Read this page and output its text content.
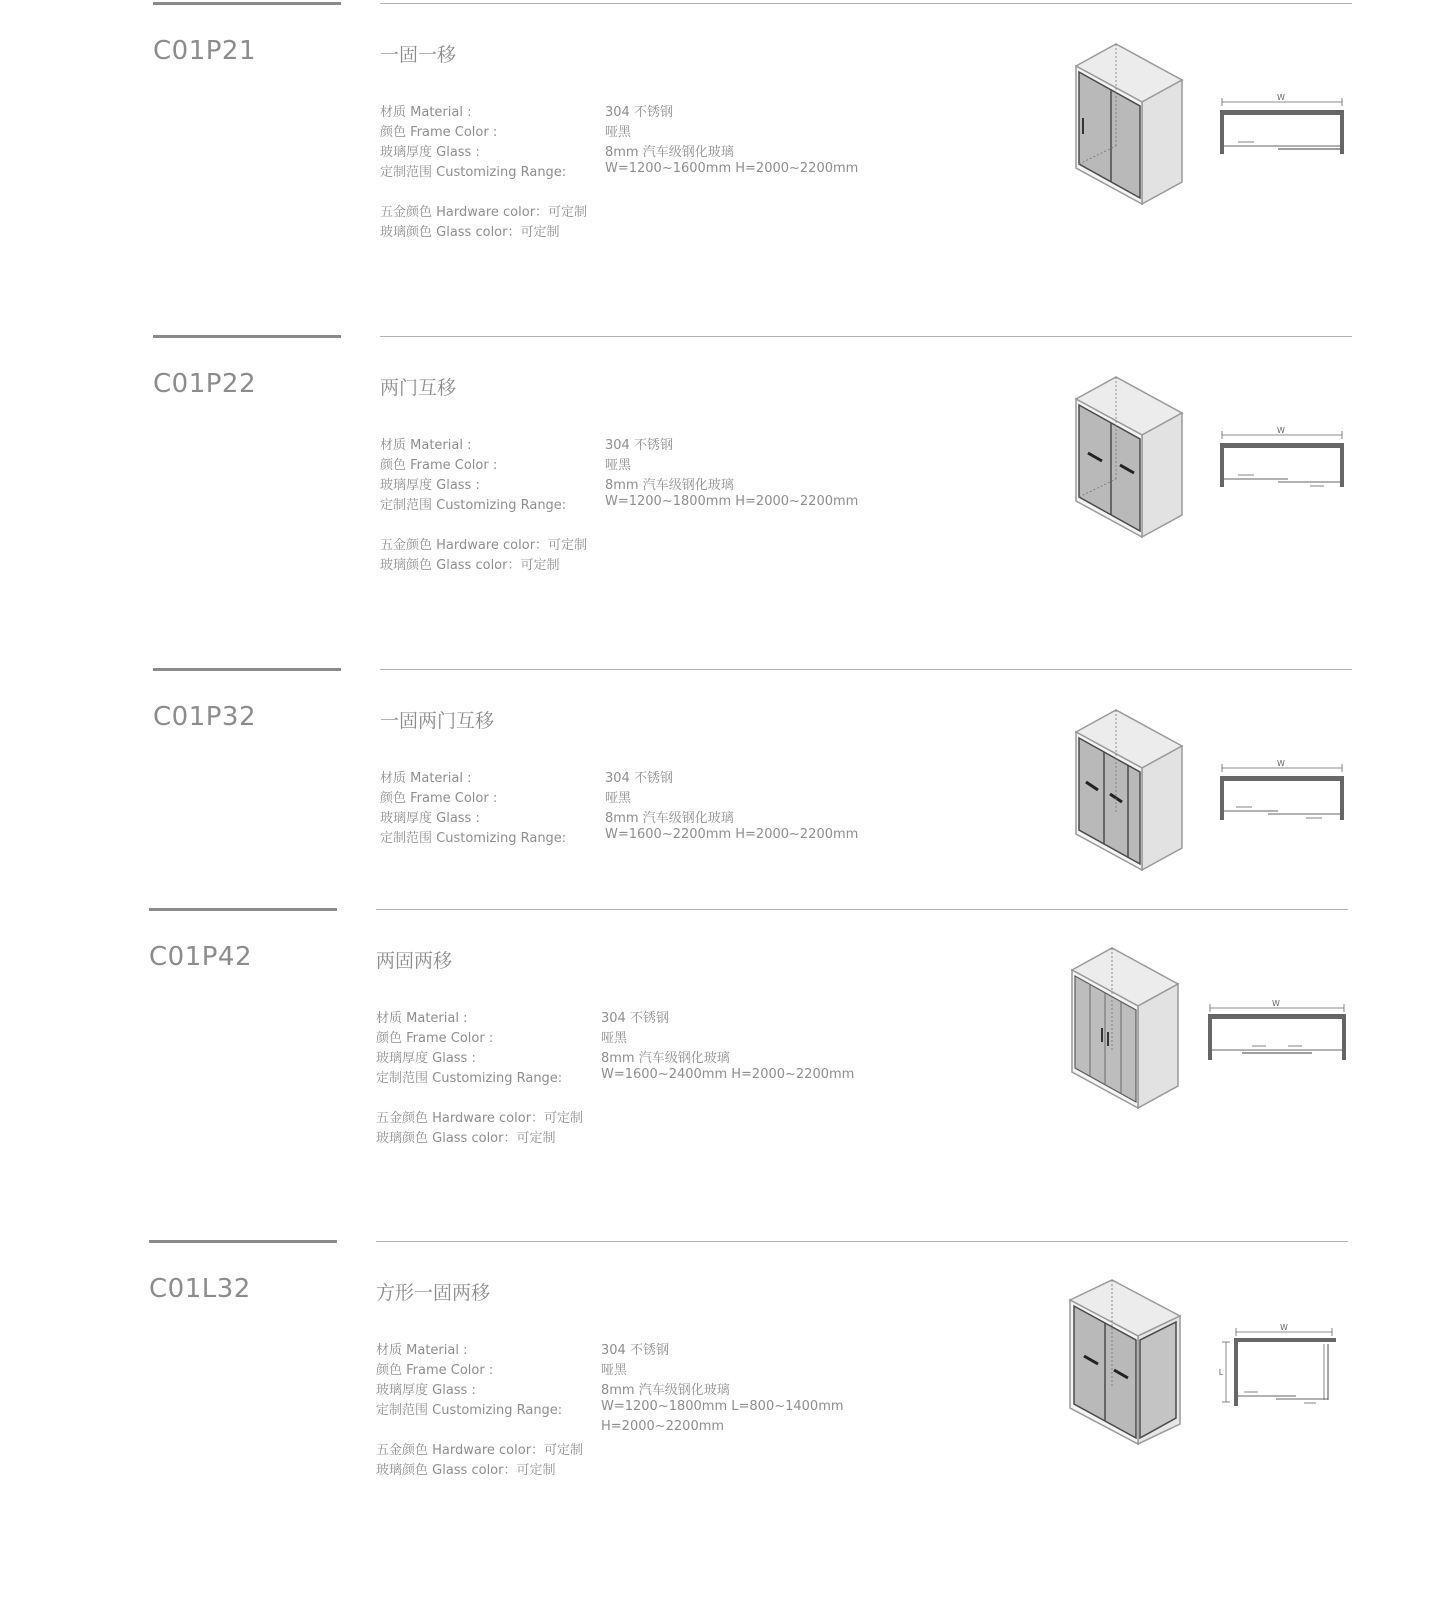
C01P21	一固一移
材质 Material :	304 不锈钢
颜色 Frame Color :	哑黑
玻璃厚度 Glass :	8mm 汽车级钢化玻璃
定制范围 Customizing Range:	W=1200~1600mm H=2000~2200mm
五金颜色 Hardware color：可定制
玻璃颜色 Glass color：可定制
W
C01P22	两门互移
材质 Material :	304 不锈钢
颜色 Frame Color :	哑黑
玻璃厚度 Glass :	8mm 汽车级钢化玻璃
定制范围 Customizing Range:	W=1200~1800mm H=2000~2200mm
五金颜色 Hardware color：可定制
玻璃颜色 Glass color：可定制
W
C01P32	一固两门互移
材质 Material :	304 不锈钢
颜色 Frame Color :	哑黑
玻璃厚度 Glass :	8mm 汽车级钢化玻璃
定制范围 Customizing Range:	W=1600~2200mm H=2000~2200mm
W
C01P42	两固两移
材质 Material :	304 不锈钢
颜色 Frame Color :	哑黑
玻璃厚度 Glass :	8mm 汽车级钢化玻璃
定制范围 Customizing Range:	W=1600~2400mm H=2000~2200mm
五金颜色 Hardware color：可定制
玻璃颜色 Glass color：可定制
W
C01L32	方形一固两移
材质 Material :	304 不锈钢
颜色 Frame Color :	哑黑
玻璃厚度 Glass :	8mm 汽车级钢化玻璃
定制范围 Customizing Range:	W=1200~1800mm L=800~1400mm
H=2000~2200mm
五金颜色 Hardware color：可定制
玻璃颜色 Glass color：可定制
W
L
